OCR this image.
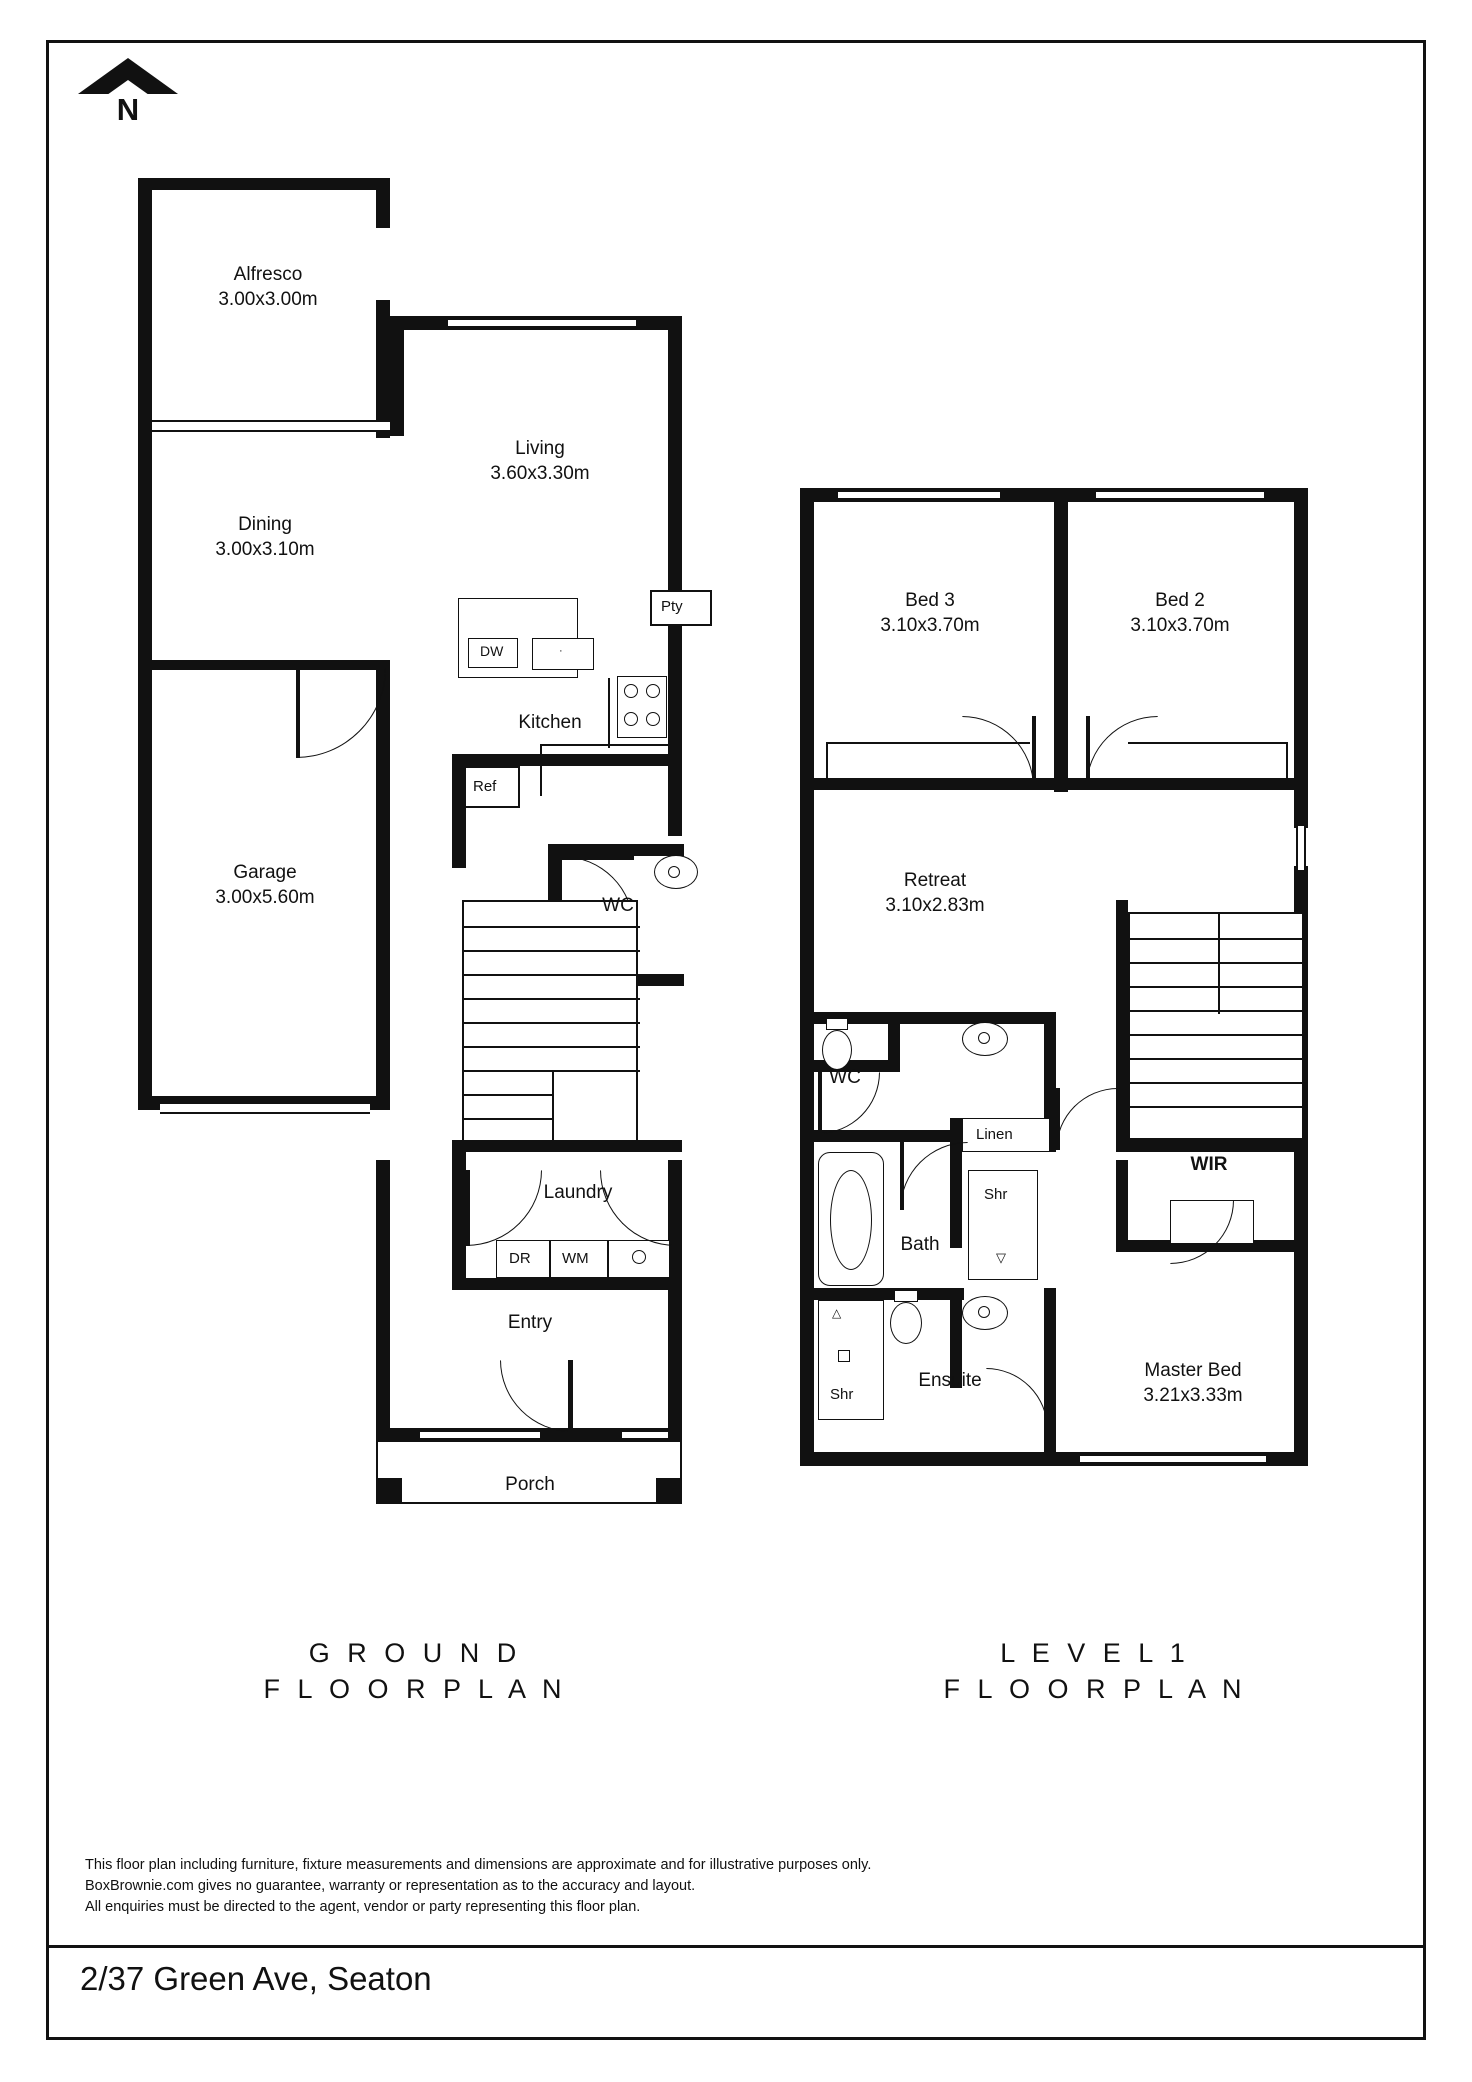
N
DW	·
Pty
Ref
DR WM
Alfresco
3.00x3.00m
Living
3.60x3.30m
Dining
3.00x3.10m
Garage
3.00x5.60m
Kitchen
WC
Laundry
Entry
Porch
G R O U N D
F L O O R P L A N
Linen
Shr
▽
Shr
△
Bed 3
3.10x3.70m
Bed 2
3.10x3.70m
Retreat
3.10x2.83m
Master Bed
3.21x3.33m
WC
Bath
Ensuite
WIR
L E V E L 1
F L O O R P L A N
This floor plan including furniture, fixture measurements and dimensions are approximate and for illustrative purposes only.
BoxBrownie.com gives no guarantee, warranty or representation as to the accuracy and layout.
All enquiries must be directed to the agent, vendor or party representing this floor plan.
2/37 Green Ave, Seaton
